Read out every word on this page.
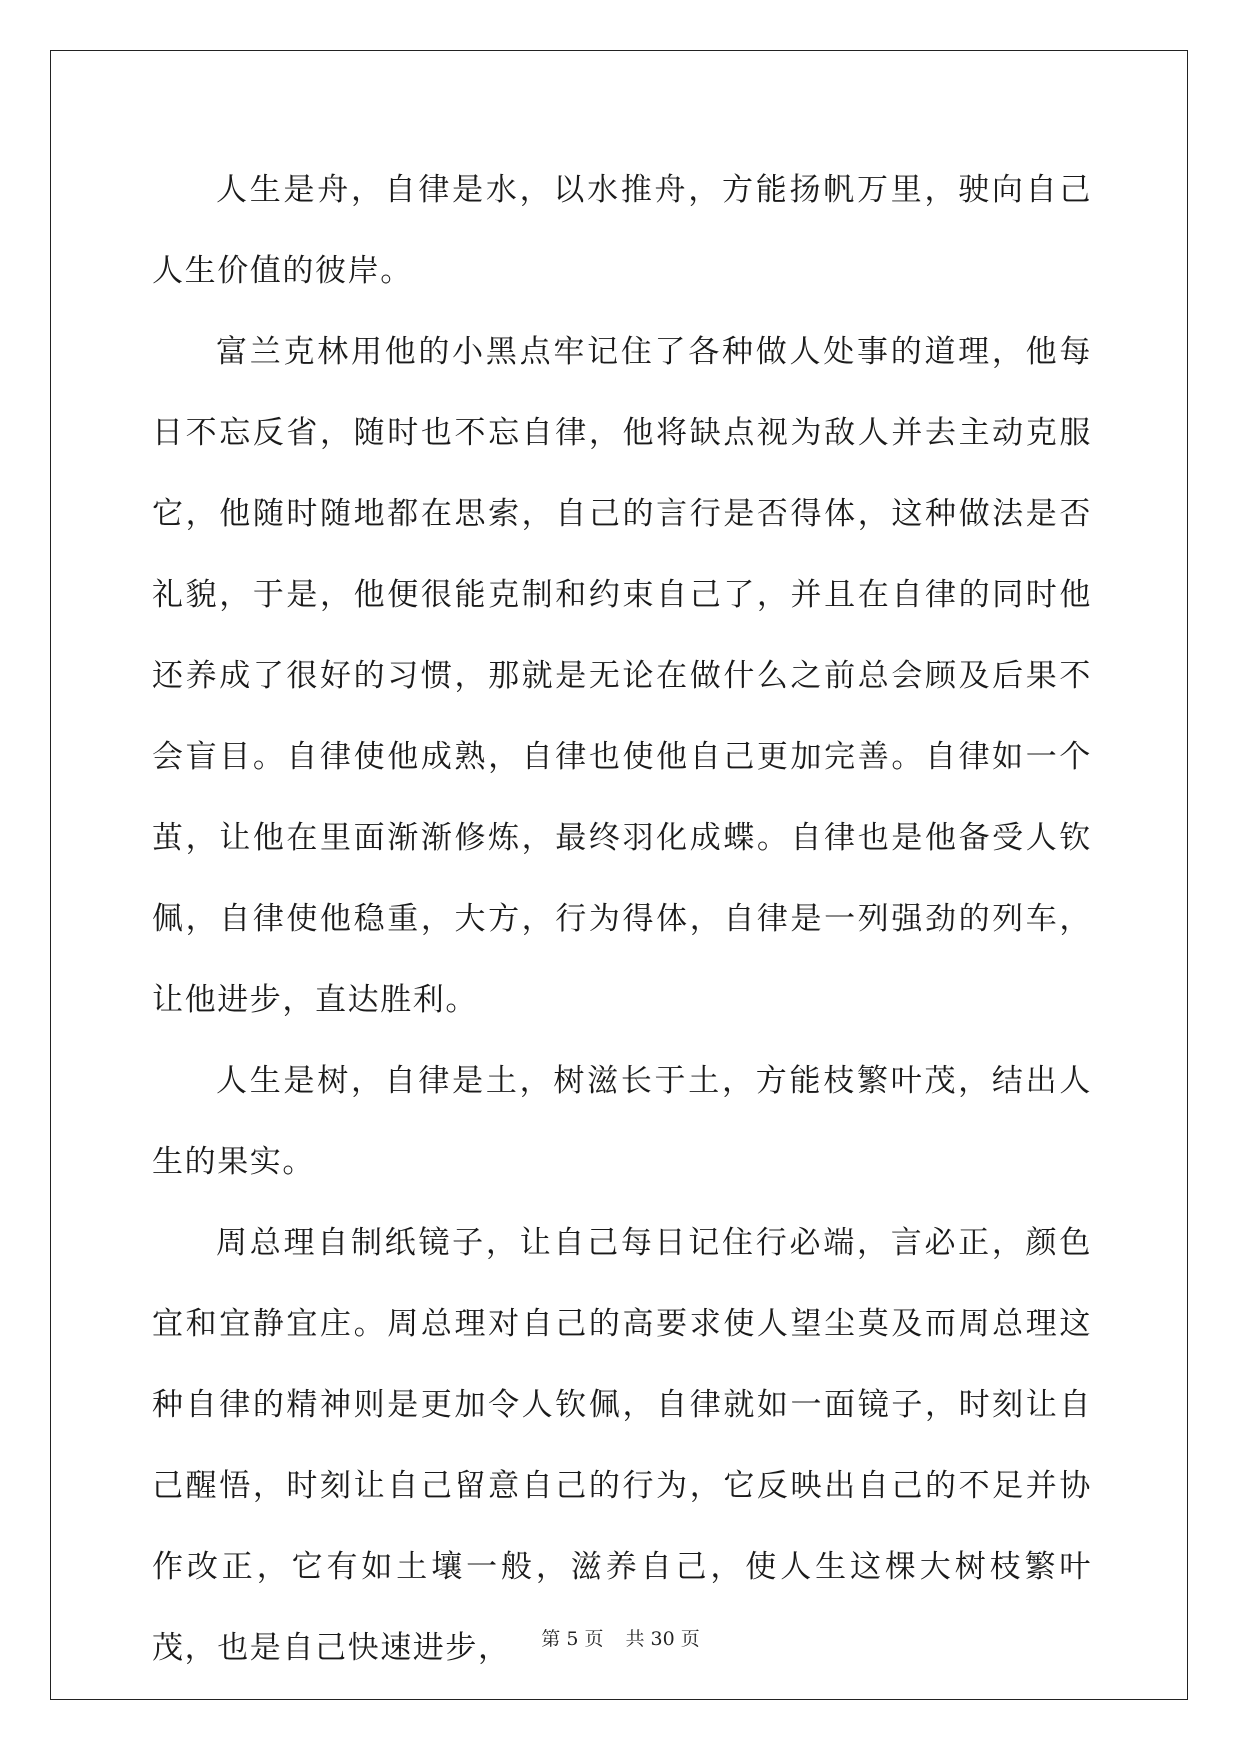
人生是舟，自律是水，以水推舟，方能扬帆万里，驶向自己人生价值的彼岸。

富兰克林用他的小黑点牢记住了各种做人处事的道理，他每日不忘反省，随时也不忘自律，他将缺点视为敌人并去主动克服它，他随时随地都在思索，自己的言行是否得体，这种做法是否礼貌，于是，他便很能克制和约束自己了，并且在自律的同时他还养成了很好的习惯，那就是无论在做什么之前总会顾及后果不会盲目。自律使他成熟，自律也使他自己更加完善。自律如一个茧，让他在里面渐渐修炼，最终羽化成蝶。自律也是他备受人钦佩，自律使他稳重，大方，行为得体，自律是一列强劲的列车，让他进步，直达胜利。

人生是树，自律是土，树滋长于土，方能枝繁叶茂，结出人生的果实。

周总理自制纸镜子，让自己每日记住行必端，言必正，颜色宜和宜静宜庄。周总理对自己的高要求使人望尘莫及而周总理这种自律的精神则是更加令人钦佩，自律就如一面镜子，时刻让自己醒悟，时刻让自己留意自己的行为，它反映出自己的不足并协作改正，它有如土壤一般，滋养自己，使人生这棵大树枝繁叶茂，也是自己快速进步，	第 5 页 共 30 页
